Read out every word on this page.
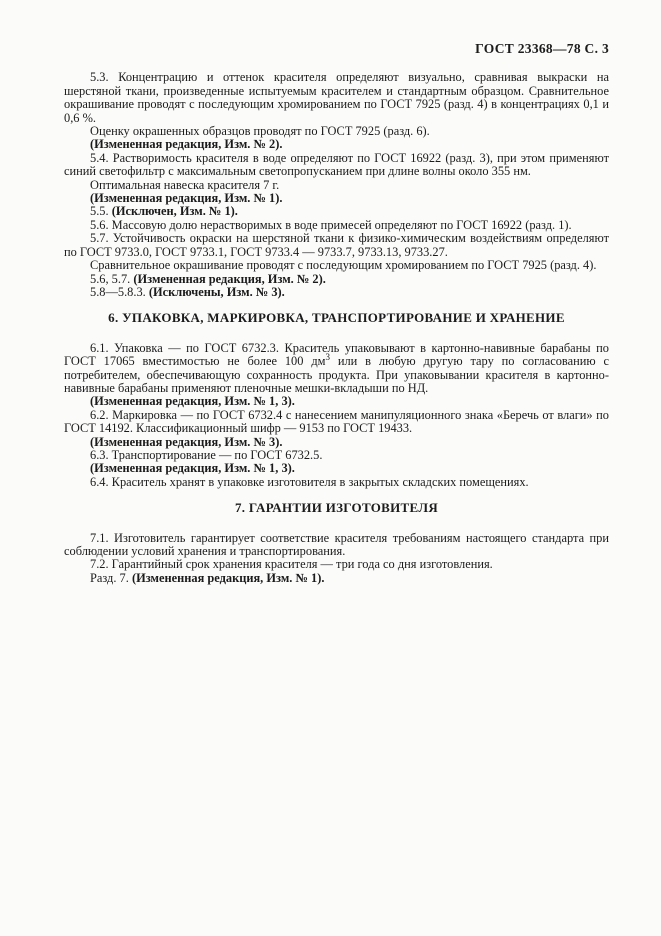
ГОСТ 23368—78 С. 3

5.3. Концентрацию и оттенок красителя определяют визуально, сравнивая выкраски на шерстяной ткани, произведенные испытуемым красителем и стандартным образцом. Сравнительное окрашивание проводят с последующим хромированием по ГОСТ 7925 (разд. 4) в концентрациях 0,1 и 0,6 %.

Оценку окрашенных образцов проводят по ГОСТ 7925 (разд. 6).

(Измененная редакция, Изм. № 2).

5.4. Растворимость красителя в воде определяют по ГОСТ 16922 (разд. 3), при этом применяют синий светофильтр с максимальным светопропусканием при длине волны около 355 нм.

Оптимальная навеска красителя 7 г.

(Измененная редакция, Изм. № 1).

5.5. (Исключен, Изм. № 1).

5.6. Массовую долю нерастворимых в воде примесей определяют по ГОСТ 16922 (разд. 1).

5.7. Устойчивость окраски на шерстяной ткани к физико-химическим воздействиям определяют по ГОСТ 9733.0, ГОСТ 9733.1, ГОСТ 9733.4 — 9733.7, 9733.13, 9733.27.

Сравнительное окрашивание проводят с последующим хромированием по ГОСТ 7925 (разд. 4).

5.6, 5.7. (Измененная редакция, Изм. № 2).

5.8—5.8.3. (Исключены, Изм. № 3).

6. УПАКОВКА, МАРКИРОВКА, ТРАНСПОРТИРОВАНИЕ И ХРАНЕНИЕ

6.1. Упаковка — по ГОСТ 6732.3. Краситель упаковывают в картонно-навивные барабаны по ГОСТ 17065 вместимостью не более 100 $дм^3$ или в любую другую тару по согласованию с потребителем, обеспечивающую сохранность продукта. При упаковывании красителя в картонно-навивные барабаны применяют пленочные мешки-вкладыши по НД.

(Измененная редакция, Изм. № 1, 3).

6.2. Маркировка — по ГОСТ 6732.4 с нанесением манипуляционного знака «Беречь от влаги» по ГОСТ 14192. Классификационный шифр — 9153 по ГОСТ 19433.

(Измененная редакция, Изм. № 3).

6.3. Транспортирование — по ГОСТ 6732.5.

(Измененная редакция, Изм. № 1, 3).

6.4. Краситель хранят в упаковке изготовителя в закрытых складских помещениях.

7. ГАРАНТИИ ИЗГОТОВИТЕЛЯ

7.1. Изготовитель гарантирует соответствие красителя требованиям настоящего стандарта при соблюдении условий хранения и транспортирования.

7.2. Гарантийный срок хранения красителя — три года со дня изготовления.

Разд. 7. (Измененная редакция, Изм. № 1).
